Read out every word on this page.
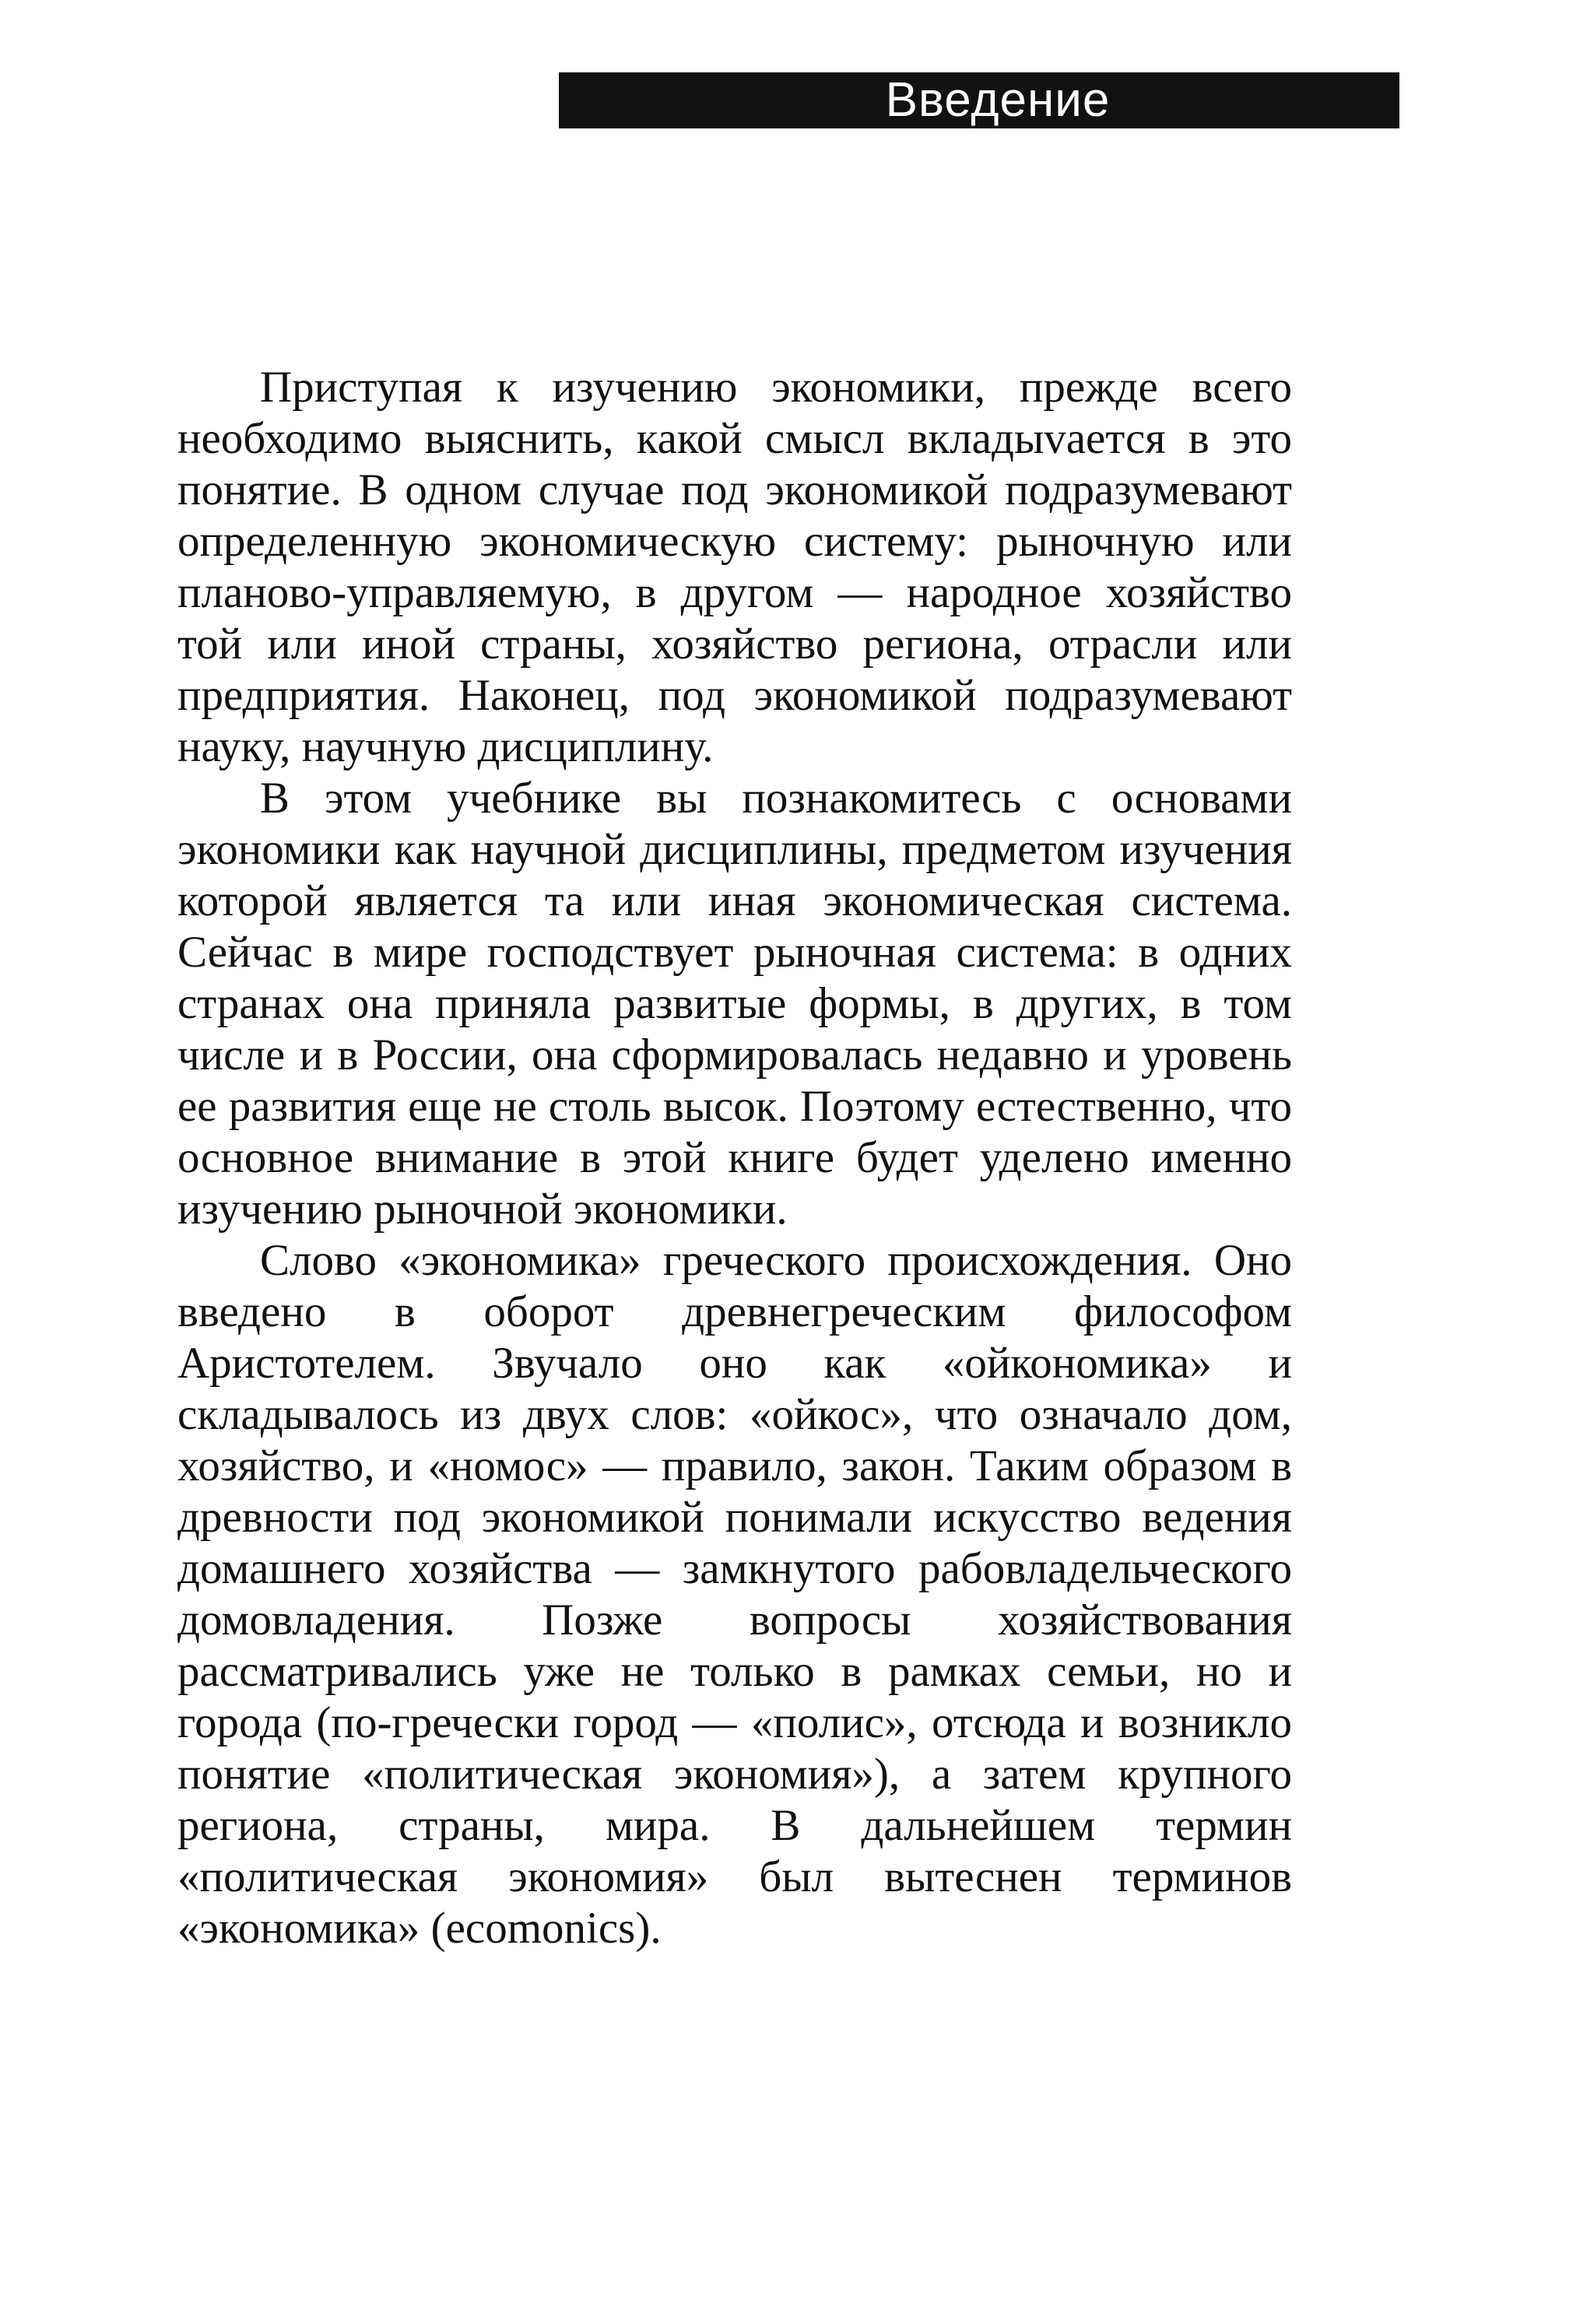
Введение

Приступая к изучению экономики, прежде всего необходимо выяснить, какой смысл вкладыvается в это понятие. В одном случае под экономикой подразумевают определенную экономическую систему: рыночную или планово-управляемую, в другом — народное хозяйство той или иной страны, хозяйство региона, отрасли или предприятия. Наконец, под экономикой подразумевают науку, научную дисциплину.

В этом учебнике вы познакомитесь с основами экономики как научной дисциплины, предметом изучения которой является та или иная экономическая система. Сейчас в мире господствует рыночная система: в одних странах она приняла развитые формы, в других, в том числе и в России, она сформировалась недавно и уровень ее развития еще не столь высок. Поэтому естественно, что основное внимание в этой книге будет уделено именно изучению рыночной экономики.

Слово «экономика» греческого происхождения. Оно введено в оборот древнегреческим философом Аристотелем. Звучало оно как «ойкономика» и складывалось из двух слов: «ойкос», что означало дом, хозяйство, и «номос» — правило, закон. Таким образом в древности под экономикой понимали искусство ведения домашнего хозяйства — замкнутого рабовладельческого домовладения. Позже вопросы хозяйствования рассматривались уже не только в рамках семьи, но и города (по-гречески город — «полис», отсюда и возникло понятие «политическая экономия»), а затем крупного региона, страны, мира. В дальнейшем термин «политическая экономия» был вытеснен терминов «экономика» (ecomonics).
